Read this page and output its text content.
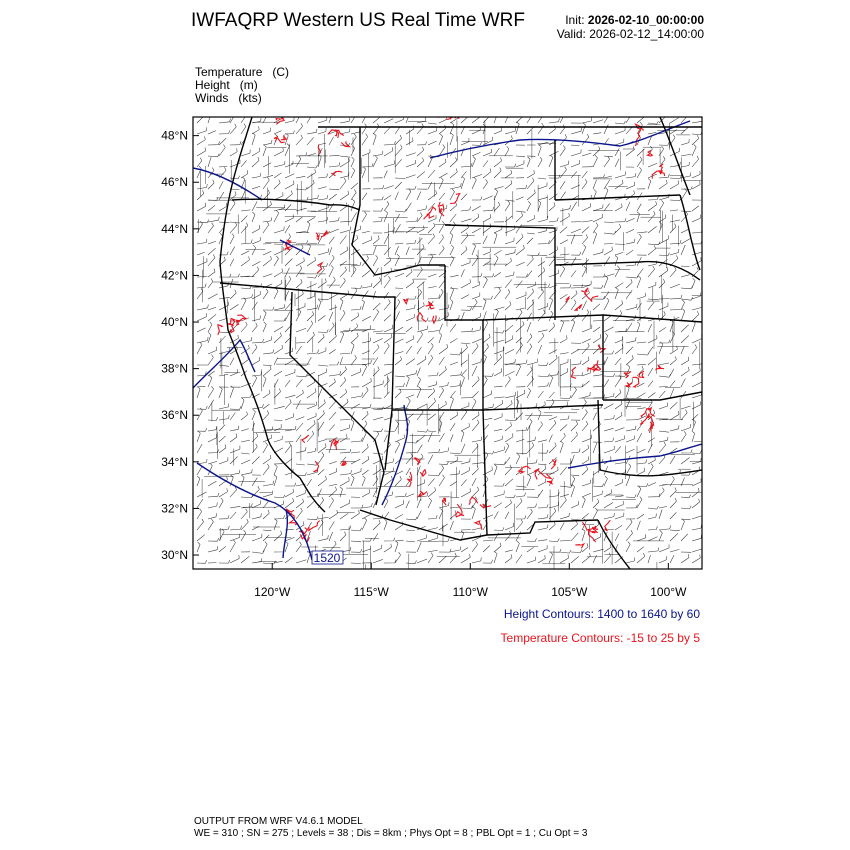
IWFAQRP Western US Real Time WRF	Init: 2026-02-10_00:00:00
Valid: 2026-02-12_14:00:00
Temperature (C)
Height (m)
Winds (kts)
48°N
46°N
44°N
42°N
40°N
38°N
36°N
34°N
32°N
30°N
120°W	115°W	110°W	105°W	100°W
1520
Height Contours: 1400 to 1640 by 60
Temperature Contours: -15 to 25 by 5
OUTPUT FROM WRF V4.6.1 MODEL
WE = 310 ; SN = 275 ; Levels = 38 ; Dis = 8km ; Phys Opt = 8 ; PBL Opt = 1 ; Cu Opt = 3
